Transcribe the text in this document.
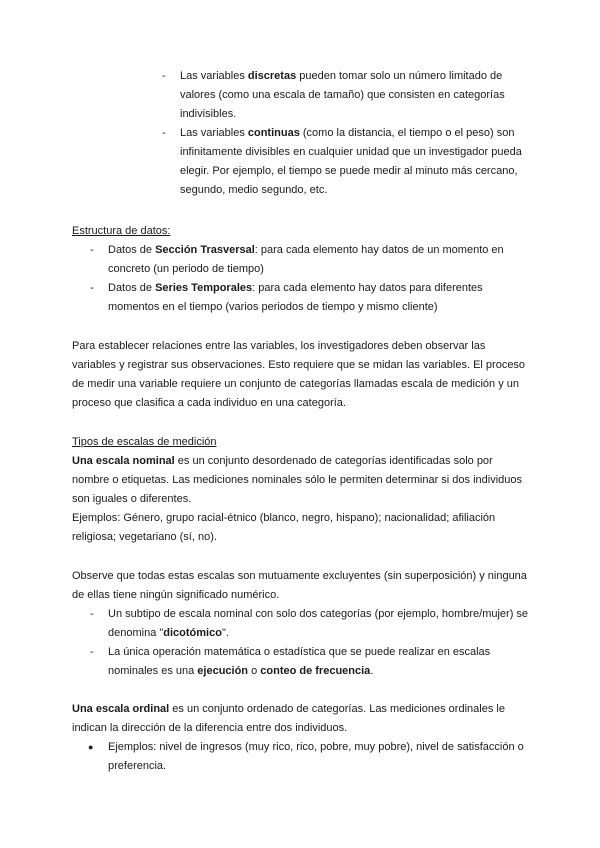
- Las variables discretas pueden tomar solo un número limitado de valores (como una escala de tamaño) que consisten en categorías indivisibles.
- Las variables continuas (como la distancia, el tiempo o el peso) son infinitamente divisibles en cualquier unidad que un investigador pueda elegir. Por ejemplo, el tiempo se puede medir al minuto más cercano, segundo, medio segundo, etc.
Estructura de datos:
- Datos de Sección Trasversal: para cada elemento hay datos de un momento en concreto (un periodo de tiempo)
- Datos de Series Temporales: para cada elemento hay datos para diferentes momentos en el tiempo (varios periodos de tiempo y mismo cliente)

Para establecer relaciones entre las variables, los investigadores deben observar las variables y registrar sus observaciones. Esto requiere que se midan las variables. El proceso de medir una variable requiere un conjunto de categorías llamadas escala de medición y un proceso que clasifica a cada individuo en una categoría.

Tipos de escalas de medición

Una escala nominal es un conjunto desordenado de categorías identificadas solo por nombre o etiquetas. Las mediciones nominales sólo le permiten determinar si dos individuos son iguales o diferentes.

Ejemplos: Género, grupo racial-étnico (blanco, negro, hispano); nacionalidad; afiliación religiosa; vegetariano (sí, no).

Observe que todas estas escalas son mutuamente excluyentes (sin superposición) y ninguna de ellas tiene ningún significado numérico.

- Un subtipo de escala nominal con solo dos categorías (por ejemplo, hombre/mujer) se denomina "dicotómico".
- La única operación matemática o estadística que se puede realizar en escalas nominales es una ejecución o conteo de frecuencia.

Una escala ordinal es un conjunto ordenado de categorías. Las mediciones ordinales le indican la dirección de la diferencia entre dos individuos.

● Ejemplos: nivel de ingresos (muy rico, rico, pobre, muy pobre), nivel de satisfacción o preferencia.
